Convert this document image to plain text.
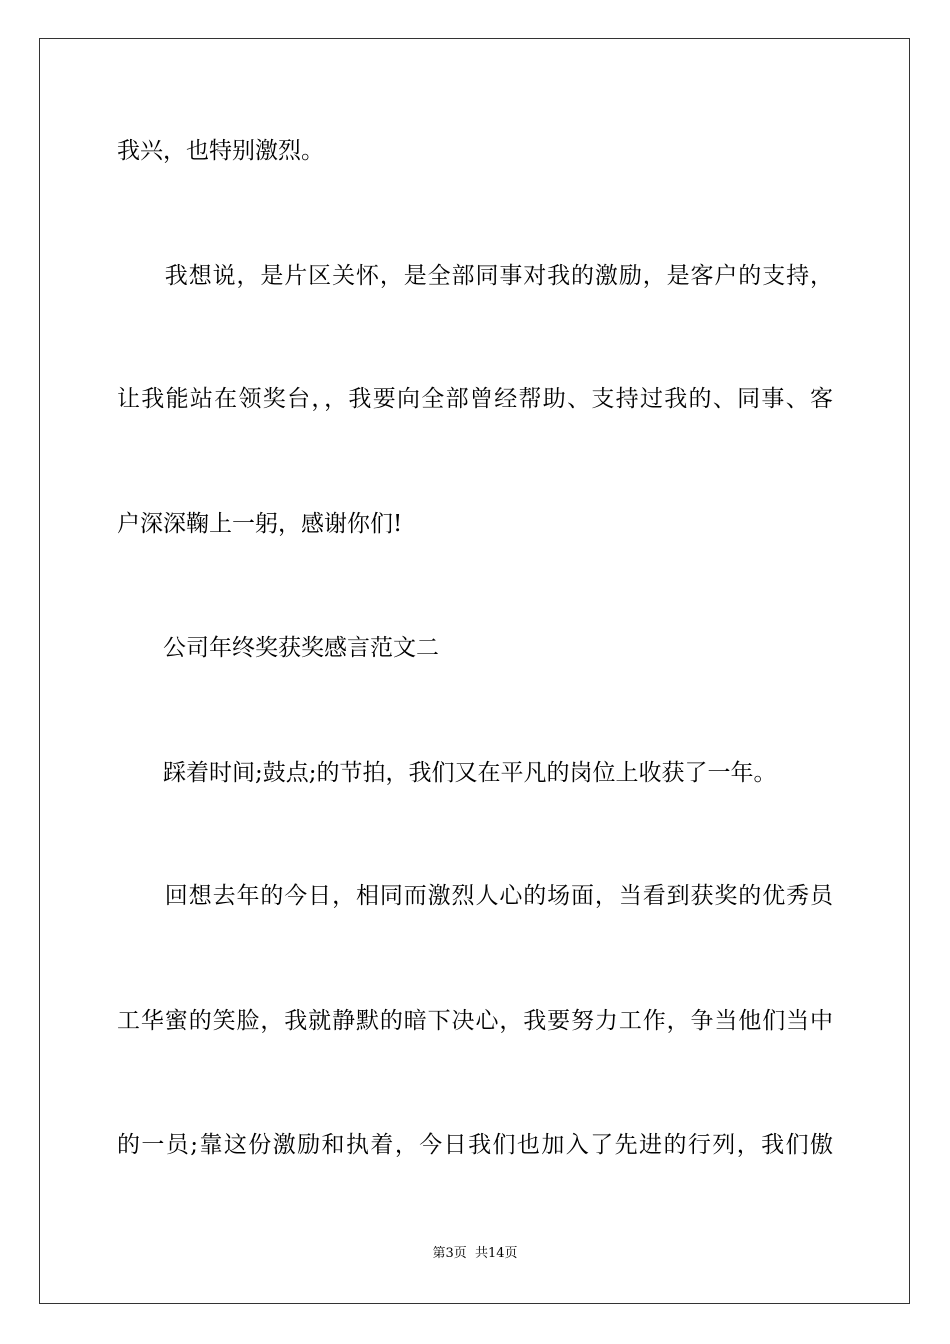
我兴，也特别激烈。
　　我想说，是片区关怀，是全部同事对我的激励，是客户的支持，
让我能站在领奖台，，我要向全部曾经帮助、支持过我的、同事、客
户深深鞠上一躬，感谢你们!
　　公司年终奖获奖感言范文二
　　踩着时间;鼓点;的节拍，我们又在平凡的岗位上收获了一年。
　　回想去年的今日，相同而激烈人心的场面，当看到获奖的优秀员
工华蜜的笑脸，我就静默的暗下决心，我要努力工作，争当他们当中
的一员;靠这份激励和执着，今日我们也加入了先进的行列，我们傲
第3页 共14页
